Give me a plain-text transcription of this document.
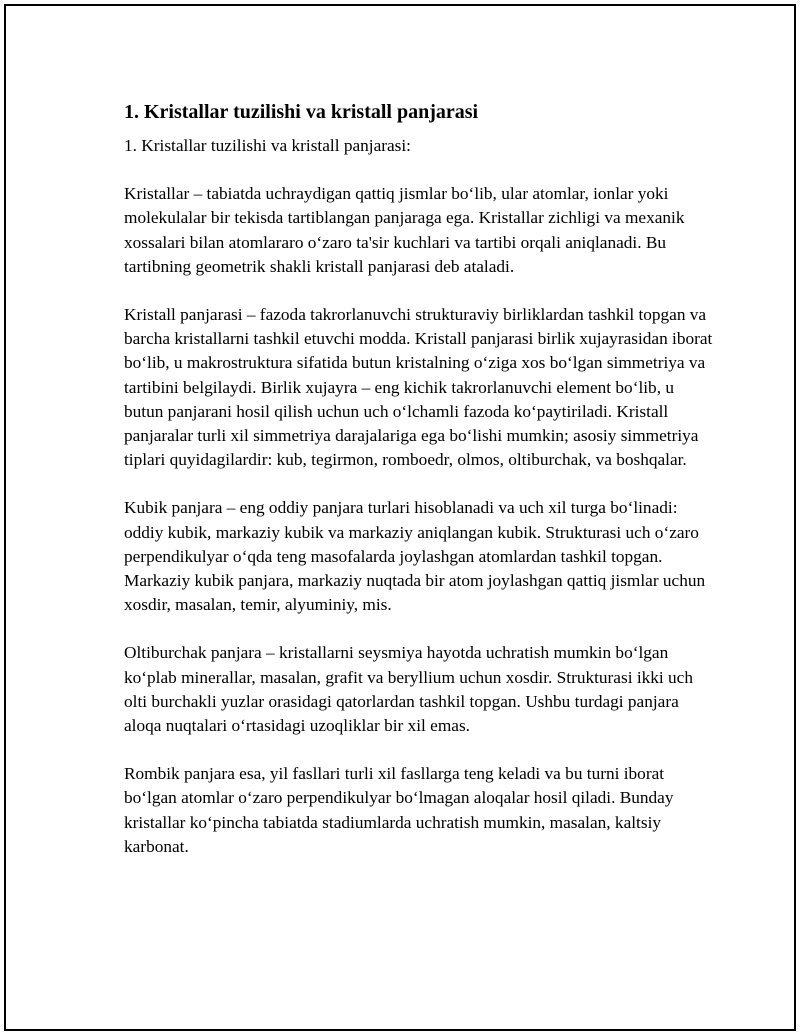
1. Kristallar tuzilishi va kristall panjarasi

1. Kristallar tuzilishi va kristall panjarasi:

Kristallar – tabiatda uchraydigan qattiq jismlar bo‘lib, ular atomlar, ionlar yoki molekulalar bir tekisda tartiblangan panjaraga ega. Kristallar zichligi va mexanik xossalari bilan atomlararo o‘zaro ta'sir kuchlari va tartibi orqali aniqlanadi. Bu tartibning geometrik shakli kristall panjarasi deb ataladi.

Kristall panjarasi – fazoda takrorlanuvchi strukturaviy birliklardan tashkil topgan va barcha kristallarni tashkil etuvchi modda. Kristall panjarasi birlik xujayrasidan iborat bo‘lib, u makrostruktura sifatida butun kristalning o‘ziga xos bo‘lgan simmetriya va tartibini belgilaydi. Birlik xujayra – eng kichik takrorlanuvchi element bo‘lib, u butun panjarani hosil qilish uchun uch o‘lchamli fazoda ko‘paytiriladi. Kristall panjaralar turli xil simmetriya darajalariga ega bo‘lishi mumkin; asosiy simmetriya tiplari quyidagilardir: kub, tegirmon, romboedr, olmos, oltiburchak, va boshqalar.

Kubik panjara – eng oddiy panjara turlari hisoblanadi va uch xil turga bo‘linadi: oddiy kubik, markaziy kubik va markaziy aniqlangan kubik. Strukturasi uch o‘zaro perpendikulyar o‘qda teng masofalarda joylashgan atomlardan tashkil topgan. Markaziy kubik panjara, markaziy nuqtada bir atom joylashgan qattiq jismlar uchun xosdir, masalan, temir, alyuminiy, mis.

Oltiburchak panjara – kristallarni seysmiya hayotda uchratish mumkin bo‘lgan ko‘plab minerallar, masalan, grafit va beryllium uchun xosdir. Strukturasi ikki uch olti burchakli yuzlar orasidagi qatorlardan tashkil topgan. Ushbu turdagi panjara aloqa nuqtalari o‘rtasidagi uzoqliklar bir xil emas.

Rombik panjara esa, yil fasllari turli xil fasllarga teng keladi va bu turni iborat bo‘lgan atomlar o‘zaro perpendikulyar bo‘lmagan aloqalar hosil qiladi. Bunday kristallar ko‘pincha tabiatda stadiumlarda uchratish mumkin, masalan, kaltsiy karbonat.
